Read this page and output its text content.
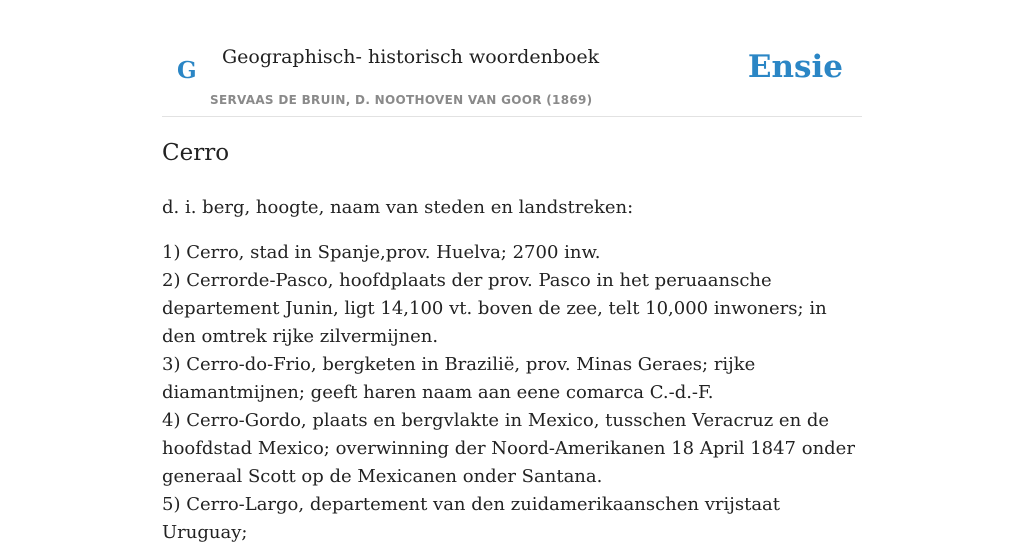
G Geographisch- historisch woordenboek
SERVAAS DE BRUIN, D. NOOTHOVEN VAN GOOR (1869)
Ensie
Cerro

d. i. berg, hoogte, naam van steden en landstreken:

1) Cerro, stad in Spanje,prov. Huelva; 2700 inw.

2) Cerrorde-Pasco, hoofdplaats der prov. Pasco in het peruaansche departement Junin, ligt 14,100 vt. boven de zee, telt 10,000 inwoners; in den omtrek rijke zilvermijnen.

3) Cerro-do-Frio, bergketen in Brazilië, prov. Minas Geraes; rijke diamantmijnen; geeft haren naam aan eene comarca C.-d.-F.

4) Cerro-Gordo, plaats en bergvlakte in Mexico, tusschen Veracruz en de hoofdstad Mexico; overwinning der Noord-Amerikanen 18 April 1847 onder generaal Scott op de Mexicanen onder Santana.

5) Cerro-Largo, departement van den zuidamerikaanschen vrijstaat Uruguay;
